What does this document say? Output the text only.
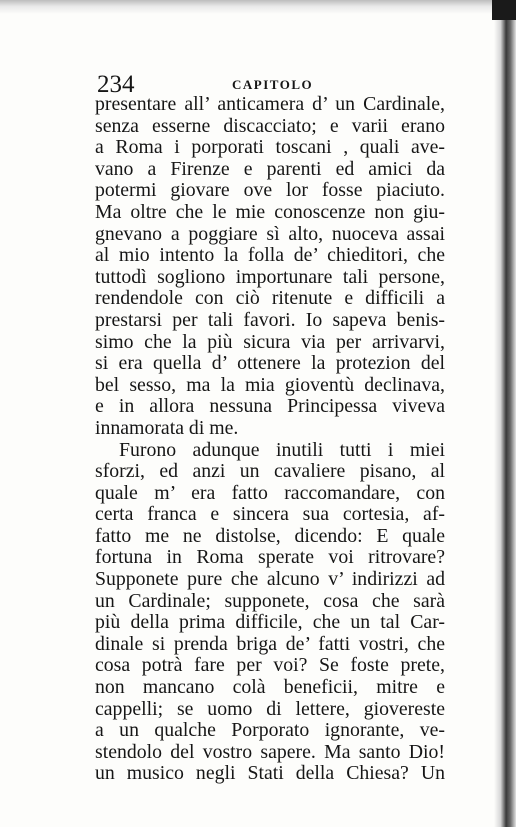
234	CAPITOLO
presentare all’ anticamera d’ un Cardinale,
senza esserne discacciato; e varii erano
a Roma i porporati toscani , quali ave-
vano a Firenze e parenti ed amici da
potermi giovare ove lor fosse piaciuto.
Ma oltre che le mie conoscenze non giu-
gnevano a poggiare sì alto, nuoceva assai
al mio intento la folla de’ chieditori, che
tuttodì sogliono importunare tali persone,
rendendole con ciò ritenute e difficili a
prestarsi per tali favori. Io sapeva benis-
simo che la più sicura via per arrivarvi,
si era quella d’ ottenere la protezion del
bel sesso, ma la mia gioventù declinava,
e in allora nessuna Principessa viveva
innamorata di me.
Furono adunque inutili tutti i miei
sforzi, ed anzi un cavaliere pisano, al
quale m’ era fatto raccomandare, con
certa franca e sincera sua cortesia, af-
fatto me ne distolse, dicendo: E quale
fortuna in Roma sperate voi ritrovare?
Supponete pure che alcuno v’ indirizzi ad
un Cardinale; supponete, cosa che sarà
più della prima difficile, che un tal Car-
dinale si prenda briga de’ fatti vostri, che
cosa potrà fare per voi? Se foste prete,
non mancano colà beneficii, mitre e
cappelli; se uomo di lettere, giovereste
a un qualche Porporato ignorante, ve-
stendolo del vostro sapere. Ma santo Dio!
un musico negli Stati della Chiesa? Un
